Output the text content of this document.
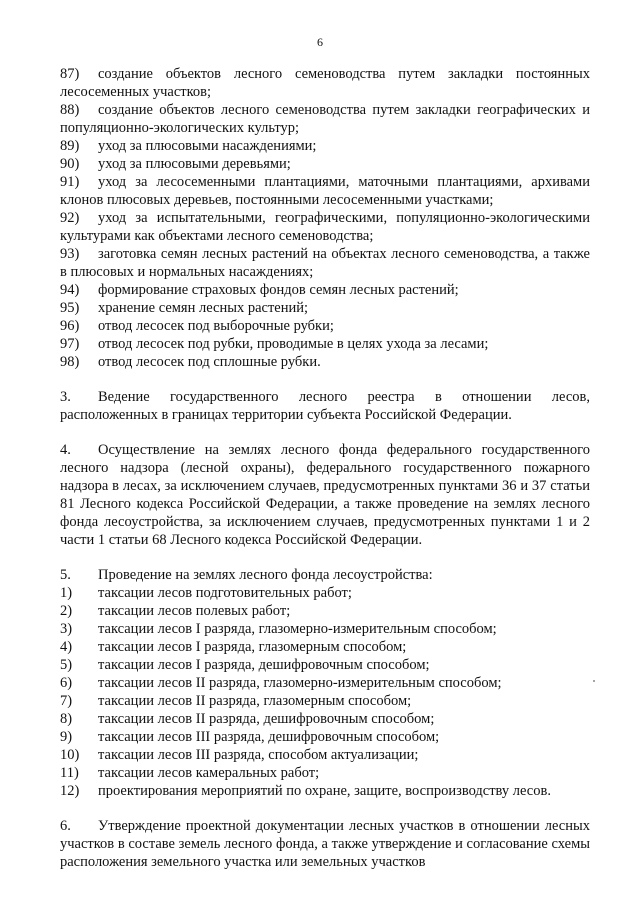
6
87)	создание объектов лесного семеноводства путем закладки постоянных лесосеменных участков;
88)	создание объектов лесного семеноводства путем закладки географических и популяционно-экологических культур;
89)	уход за плюсовыми насаждениями;
90)	уход за плюсовыми деревьями;
91)	уход за лесосеменными плантациями, маточными плантациями, архивами клонов плюсовых деревьев, постоянными лесосеменными участками;
92)	уход за испытательными, географическими, популяционно-экологическими культурами как объектами лесного семеноводства;
93)	заготовка семян лесных растений на объектах лесного семеноводства, а также в плюсовых и нормальных насаждениях;
94)	формирование страховых фондов семян лесных растений;
95)	хранение семян лесных растений;
96)	отвод лесосек под выборочные рубки;
97)	отвод лесосек под рубки, проводимые в целях ухода за лесами;
98)	отвод лесосек под сплошные рубки.
3.	Ведение государственного лесного реестра в отношении лесов, расположенных в границах территории субъекта Российской Федерации.
4.	Осуществление на землях лесного фонда федерального государственного лесного надзора (лесной охраны), федерального государственного пожарного надзора в лесах, за исключением случаев, предусмотренных пунктами 36 и 37 статьи 81 Лесного кодекса Российской Федерации, а также проведение на землях лесного фонда лесоустройства, за исключением случаев, предусмотренных пунктами 1 и 2 части 1 статьи 68 Лесного кодекса Российской Федерации.
5.	Проведение на землях лесного фонда лесоустройства:
1)	таксации лесов подготовительных работ;
2)	таксации лесов полевых работ;
3)	таксации лесов I разряда, глазомерно-измерительным способом;
4)	таксации лесов I разряда, глазомерным способом;
5)	таксации лесов I разряда, дешифровочным способом;
6)	таксации лесов II разряда, глазомерно-измерительным способом;
7)	таксации лесов II разряда, глазомерным способом;
8)	таксации лесов II разряда, дешифровочным способом;
9)	таксации лесов III разряда, дешифровочным способом;
10)	таксации лесов III разряда, способом актуализации;
11)	таксации лесов камеральных работ;
12)	проектирования мероприятий по охране, защите, воспроизводству лесов.
6.	Утверждение проектной документации лесных участков в отношении лесных участков в составе земель лесного фонда, а также утверждение и согласование схемы расположения земельного участка или земельных участков
